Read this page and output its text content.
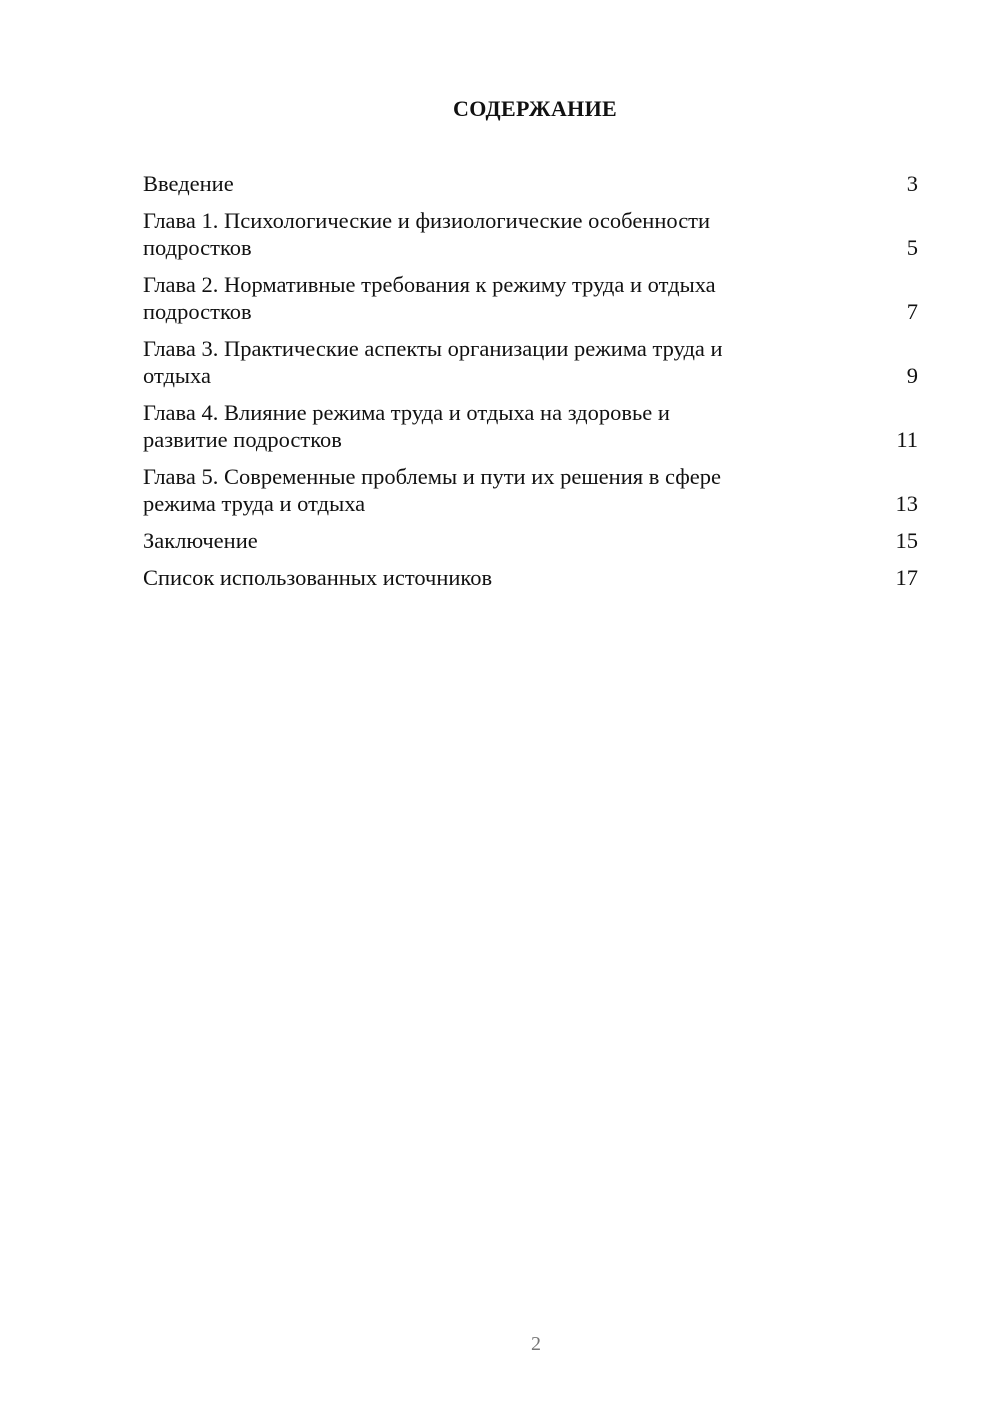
СОДЕРЖАНИЕ
Введение	3
Глава 1. Психологические и физиологические особенности
подростков	5
Глава 2. Нормативные требования к режиму труда и отдыха
подростков	7
Глава 3. Практические аспекты организации режима труда и
отдыха	9
Глава 4. Влияние режима труда и отдыха на здоровье и
развитие подростков	11
Глава 5. Современные проблемы и пути их решения в сфере
режима труда и отдыха	13
Заключение	15
Список использованных источников	17
2
